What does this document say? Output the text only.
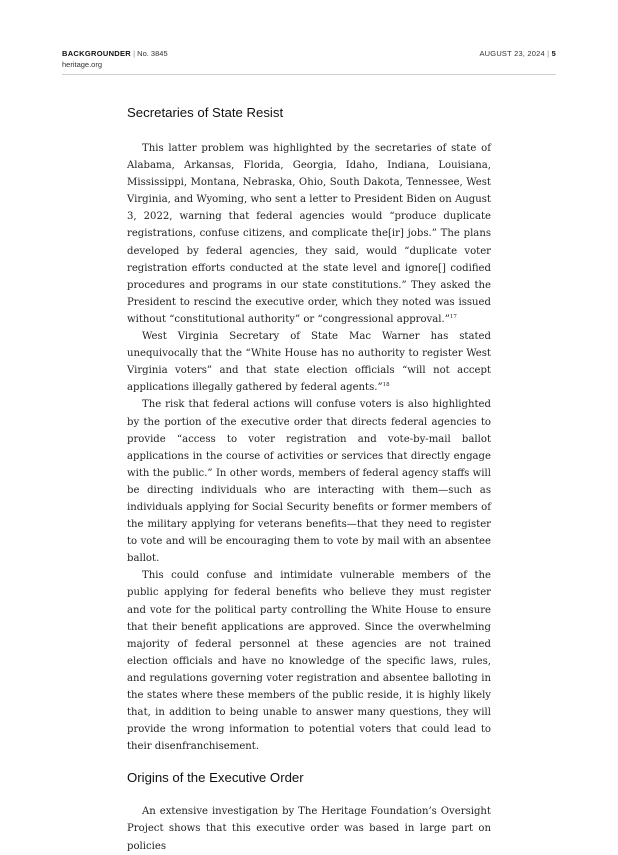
BACKGROUNDER | No. 3845
heritage.org
AUGUST 23, 2024 | 5
Secretaries of State Resist

This latter problem was highlighted by the secretaries of state of Alabama, Arkansas, Florida, Georgia, Idaho, Indiana, Louisiana, Mississippi, Montana, Nebraska, Ohio, South Dakota, Tennessee, West Virginia, and Wyoming, who sent a letter to President Biden on August 3, 2022, warning that federal agencies would “produce duplicate registrations, confuse citizens, and complicate the[ir] jobs.” The plans developed by federal agencies, they said, would “duplicate voter registration efforts conducted at the state level and ignore[] codified procedures and programs in our state constitutions.” They asked the President to rescind the executive order, which they noted was issued without “constitutional authority” or “congressional approval.”$^{17}$

West Virginia Secretary of State Mac Warner has stated unequivocally that the “White House has no authority to register West Virginia voters” and that state election officials “will not accept applications illegally gathered by federal agents.”$^{18}$

The risk that federal actions will confuse voters is also highlighted by the portion of the executive order that directs federal agencies to provide “access to voter registration and vote-by-mail ballot applications in the course of activities or services that directly engage with the public.” In other words, members of federal agency staffs will be directing individuals who are interacting with them—such as individuals applying for Social Security benefits or former members of the military applying for veterans benefits—that they need to register to vote and will be encouraging them to vote by mail with an absentee ballot.

This could confuse and intimidate vulnerable members of the public applying for federal benefits who believe they must register and vote for the political party controlling the White House to ensure that their benefit applications are approved. Since the overwhelming majority of federal personnel at these agencies are not trained election officials and have no knowledge of the specific laws, rules, and regulations governing voter registration and absentee balloting in the states where these members of the public reside, it is highly likely that, in addition to being unable to answer many questions, they will provide the wrong information to potential voters that could lead to their disenfranchisement.

Origins of the Executive Order

An extensive investigation by The Heritage Foundation’s Oversight Project shows that this executive order was based in large part on policies
